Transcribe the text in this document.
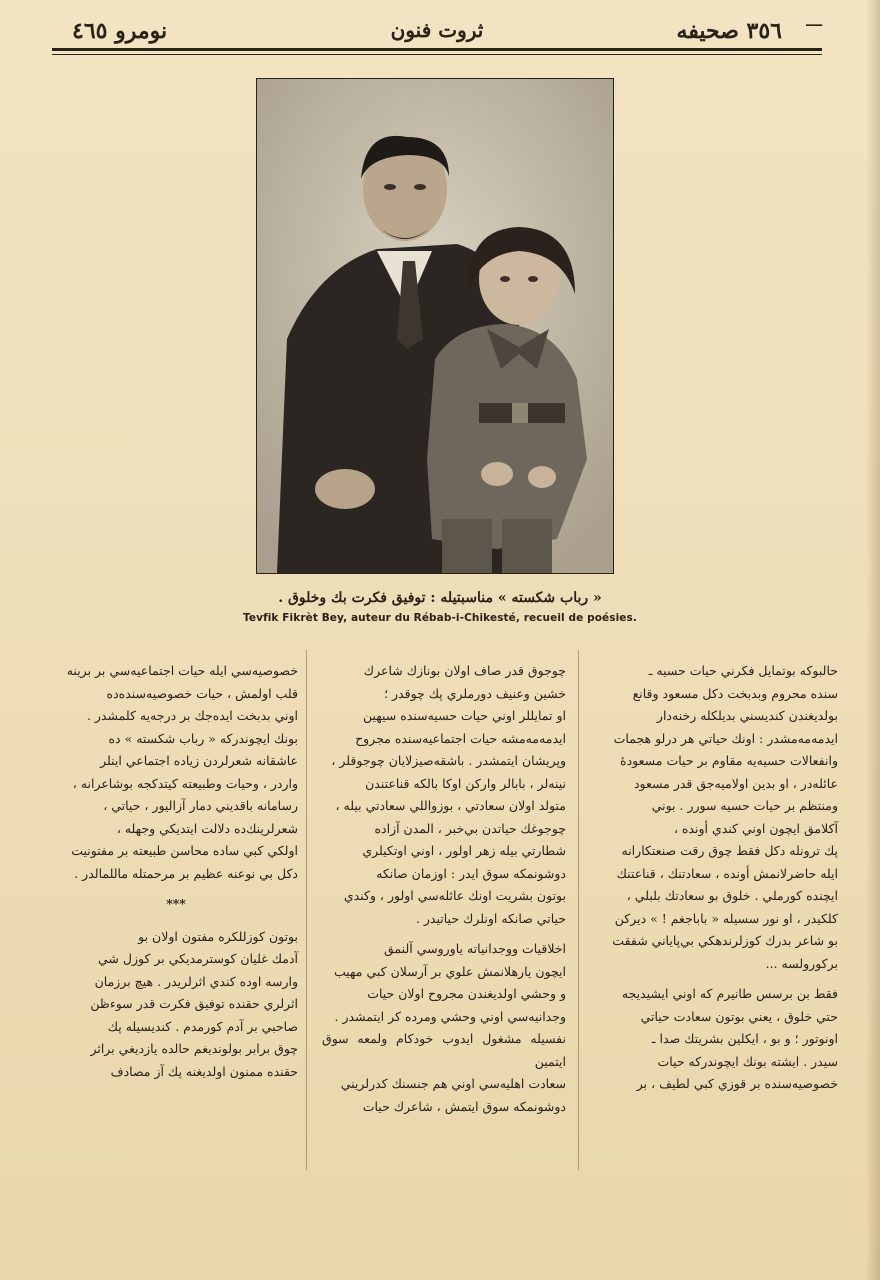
٣٥٦ صحيفه
ثروت فنون
نومرو ٤٦٥	ـــ
« رباب شكسته » مناسبتيله : توفيق فكرت بك وخلوق .
Tevfik Fikrèt Bey, auteur du Rébab-i-Chikesté, recueil de poésies.

حالبوكه بوتمايل فكرني حيات حسيه ـ

سنده محروم وبدبخت دكل مسعود وقانع

بولديغندن كنديسني بديلكله رخنه‌دار

ايدمه‌مه‌مشدر : اونك حياتي هر درلو هجمات

وانفعالات حسيه‌يه مقاوم بر حيات مسعودهٔ

عائله‌در ، او بدين اولاميه‌جق قدر مسعود

ومنتظم بر حيات حسيه سورر . بوني

آكلامق ايچون اوني كندي أونده ،

پك ترونله دكل فقط چوق رقت صنعتكارانه

ايله حاضرلانمش أونده ، سعادتنك ، قناعتنك

ايچنده كورملي . خلوق بو سعادتك بلبلي ،

كلكيدر ، او نور سسيله « باباجغم ! » ديركن

بو شاعر بدرك كوزلرندهكي بي‌پاياني شفقت

بركورولسه ...

فقط بن برسس طانيرم كه اوني ايشيديجه

حتي خلوق ، يعني بوتون سعادت حياتي

اونوتور ؛ و بو ، ايكلين بشريتك صدا ـ

سيدر . ايشته بونك ايچوندركه حيات

خصوصيه‌سنده بر قوزي كبي لطيف ، بر

چوجوق قدر صاف اولان بونازك شاعرك

خشين وعنيف دورملري پك چوقدر ؛

او تمايللر اوني حيات حسيه‌سنده سيهين

ايدمه‌مه‌مشه حيات اجتماعيه‌سنده مجروح

وپريشان ايتمشدر . باشقه‌صيزلايان چوجوقلر ،

نينه‌لر ، بابالر واركن اوكا بالكه قناعتندن

متولد اولان سعادتي ، بوزواللي سعادتي بيله ،

چوجوغك حياتدن بي‌خبر ، المدن آزاده

شطارتي بيله زهر اولور ، اوني اوتكيلري

دوشونمكه سوق ايدر : اوزمان صانكه

بوتون بشريت اونك عائله‌سي اولور ، وكندي

حياتي صانكه اونلرك حياتيدر .

اخلاقيات ووجدانياته ياوروسي آلنمق

ايچون يارهلانمش علوي بر آرسلان كبي مهيب

و وحشي اولديغندن مجروح اولان حيات

وجدانيه‌سي اوني وحشي ومرده كر ايتمشدر .

نفسيله مشغول ايدوب خودكام ولمعه سوق ايتمين

سعادت اهليه‌سي اوني هم جنسنك كدرلريني

دوشونمكه سوق ايتمش ، شاعرك حيات

خصوصيه‌سي ايله حيات اجتماعيه‌سي بر برينه

قلب اولمش ، حيات خصوصيه‌سنده‌ده

اوني بدبخت ايده‌جك بر درجه‌يه كلمشدر .

بونك ايچوندركه « رباب شكسته » ده

عاشقانه شعرلردن زياده اجتماعي اينلر

واردر ، وحيات وطبيعته كيتدكجه بوشاعرانه ،

رسامانه باقديني دمار آزاليور ، حياتي ،

شعرلرينك‌ده دلالت ايتديكي وجهله ،

اولكي كبي ساده محاسن طبيعته بر مفتونيت

دكل بي نوعنه عظيم بر مرحمتله ماللمالدر .

***

بوتون كوزللكره مفتون اولان بو

آدمك غليان كوسترمديكي بر كوزل شي

وارسه اوده كندي اثرلريدر . هيچ برزمان

اثرلري حقنده توفيق فكرت قدر سوءظن

صاحبي بر آدم كورمدم . كنديسيله پك

چوق برابر بولونديغم حالده يازديغي براثر

حقنده ممنون اولديغنه پك آز مصادف
